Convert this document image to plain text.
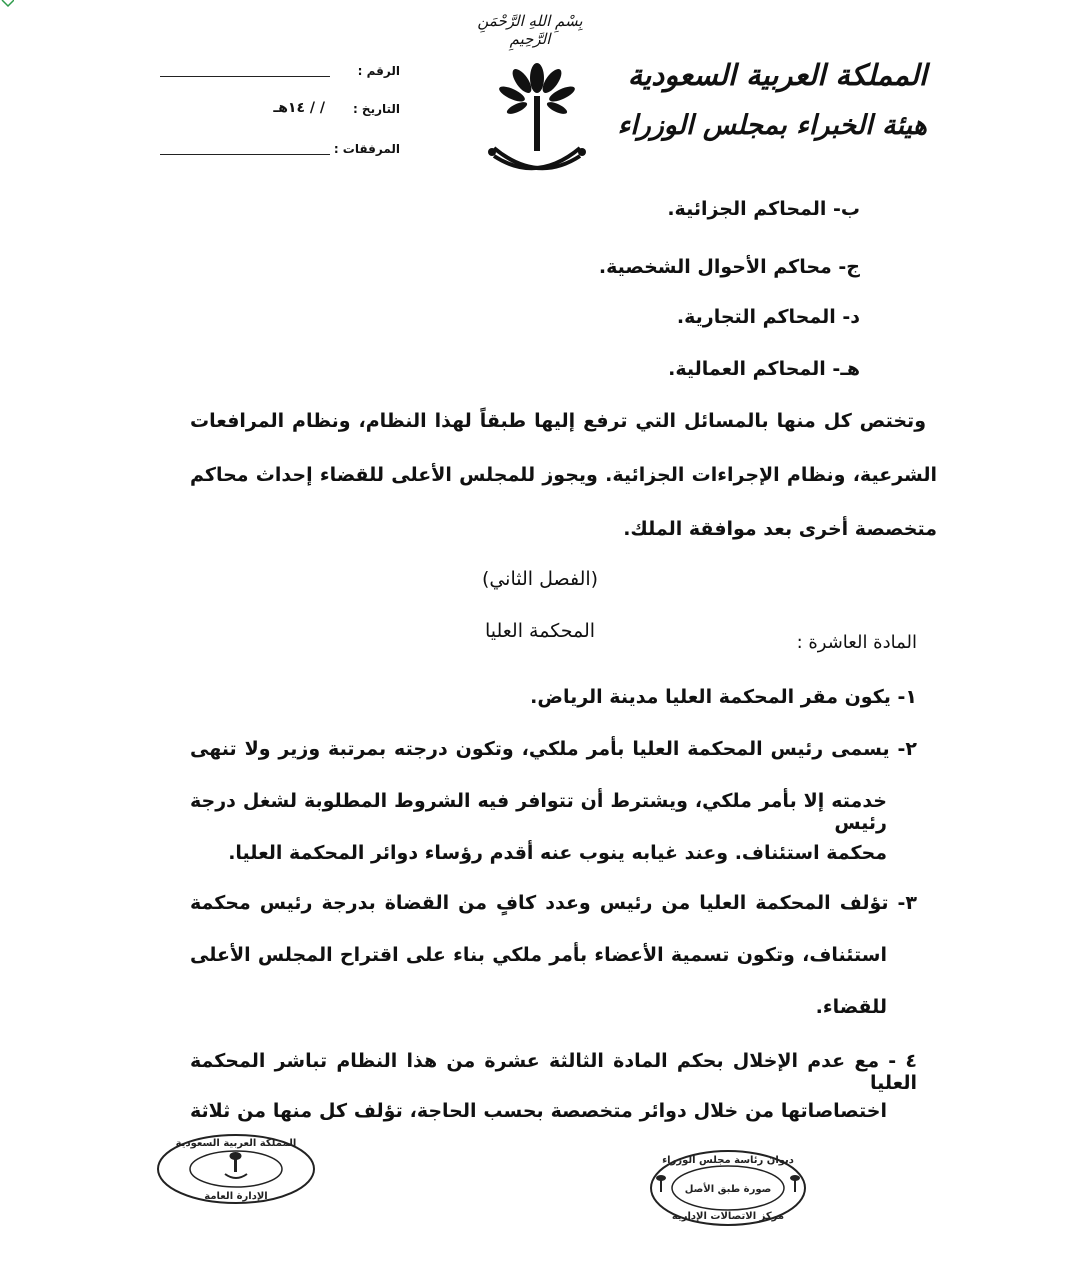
بِسْمِ اللهِ الرَّحْمَنِ الرَّحِيمِ
المملكة العربية السعودية
هيئة الخبراء بمجلس الوزراء
الرقم :
التاريخ :
/ / ١٤هـ
المرفقات :
ب- المحاكم الجزائية.
ج- محاكم الأحوال الشخصية.
د- المحاكم التجارية.
هـ- المحاكم العمالية.
وتختص كل منها بالمسائل التي ترفع إليها طبقاً لهذا النظام، ونظام المرافعات
الشرعية، ونظام الإجراءات الجزائية. ويجوز للمجلس الأعلى للقضاء إحداث محاكم
متخصصة أخرى بعد موافقة الملك.
(الفصل الثاني)
المحكمة العليا
المادة العاشرة :
١- يكون مقر المحكمة العليا مدينة الرياض.
٢- يسمى رئيس المحكمة العليا بأمر ملكي، وتكون درجته بمرتبة وزير ولا تنهى
خدمته إلا بأمر ملكي، ويشترط أن تتوافر فيه الشروط المطلوبة لشغل درجة رئيس
محكمة استئناف. وعند غيابه ينوب عنه أقدم رؤساء دوائر المحكمة العليا.
٣- تؤلف المحكمة العليا من رئيس وعدد كافٍ من القضاة بدرجة رئيس محكمة
استئناف، وتكون تسمية الأعضاء بأمر ملكي بناء على اقتراح المجلس الأعلى
للقضاء.
٤ - مع عدم الإخلال بحكم المادة الثالثة عشرة من هذا النظام تباشر المحكمة العليا
اختصاصاتها من خلال دوائر متخصصة بحسب الحاجة، تؤلف كل منها من ثلاثة
المملكة العربية السعودية
الإدارة العامة
ديوان رئاسة مجلس الوزراء
صورة طبق الأصل
مركز الاتصالات الإدارية
